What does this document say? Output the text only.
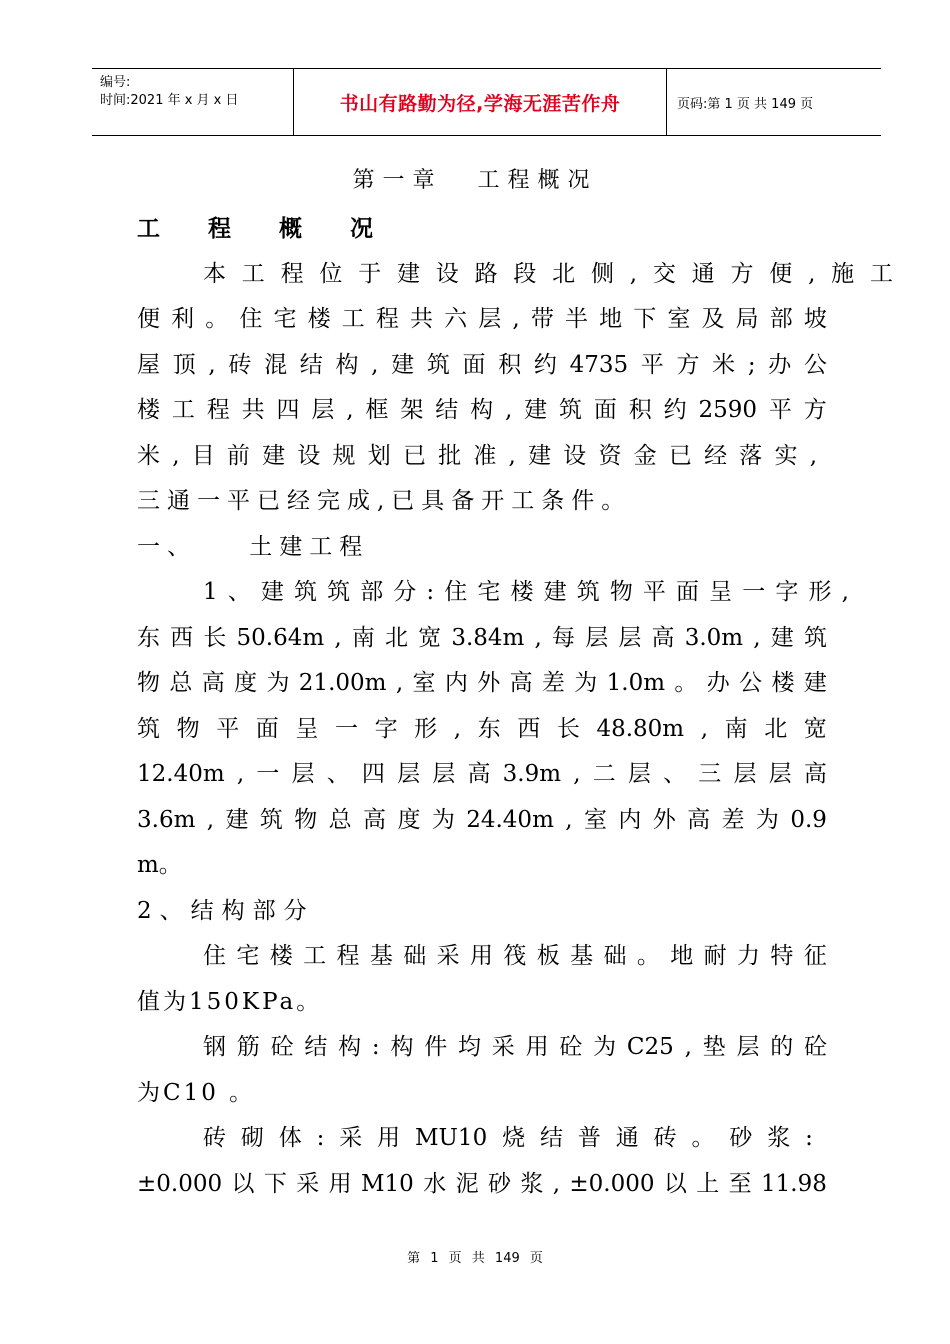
编号:
时间:2021 年 x 月 x 日	书山有路勤为径,学海无涯苦作舟	页码:第 1 页 共 149 页
第一章 工程概况
工 程 概 况
本 工 程 位 于 建 设 路 段 北 侧 , 交 通 方 便 , 施 工
便 利 。 住 宅 楼 工 程 共 六 层 , 带 半 地 下 室 及 局 部 坡
屋 顶 , 砖 混 结 构 , 建 筑 面 积 约 4735 平 方 米 ; 办 公
楼 工 程 共 四 层 , 框 架 结 构 , 建 筑 面 积 约 2590 平 方
米 , 目 前 建 设 规 划 已 批 准 , 建 设 资 金 已 经 落 实 ,
三通一平已经完成,已具备开工条件。
一、 土建工程
1 、 建 筑 筑 部 分 : 住 宅 楼 建 筑 物 平 面 呈 一 字 形 ,
东 西 长 50.64m , 南 北 宽 3.84m , 每 层 层 高 3.0m , 建 筑
物 总 高 度 为 21.00m , 室 内 外 高 差 为 1.0m 。 办 公 楼 建
筑 物 平 面 呈 一 字 形 , 东 西 长 48.80m , 南 北 宽
12.40m , 一 层 、 四 层 层 高 3.9m , 二 层 、 三 层 层 高
3.6m , 建 筑 物 总 高 度 为 24.40m , 室 内 外 高 差 为 0.9
m。
2、结构部分
住 宅 楼 工 程 基 础 采 用 筏 板 基 础 。 地 耐 力 特 征
值为150KPa。
钢 筋 砼 结 构 : 构 件 均 采 用 砼 为 C25 , 垫 层 的 砼
为C10 。
砖 砌 体 : 采 用 MU10 烧 结 普 通 砖 。 砂 浆 :
±0.000 以 下 采 用 M10 水 泥 砂 浆 , ±0.000 以 上 至 11.98
第 1 页 共 149 页
